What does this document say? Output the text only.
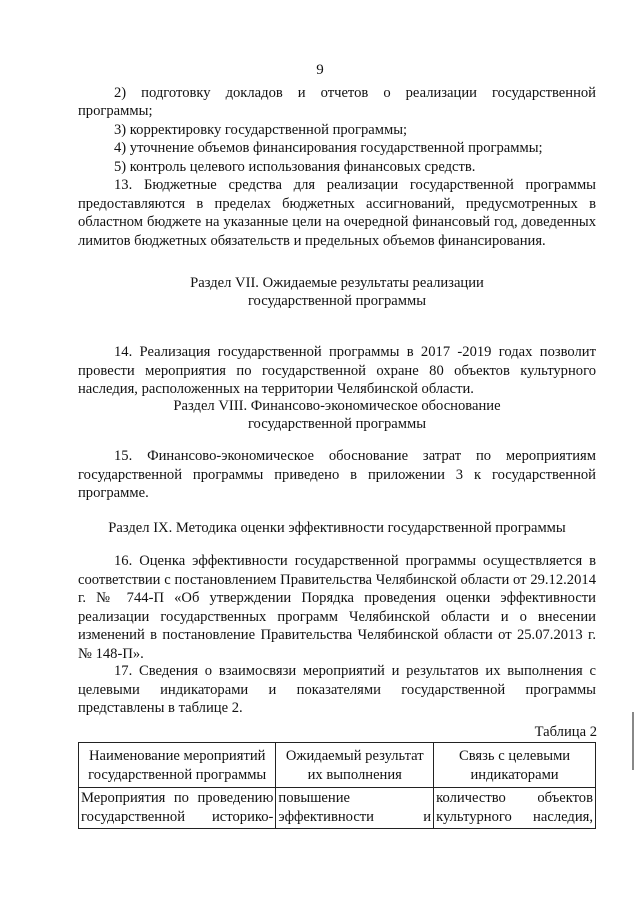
9

2) подготовку докладов и отчетов о реализации государственной

программы;

3) корректировку государственной программы;

4) уточнение объемов финансирования государственной программы;

5) контроль целевого использования финансовых средств.

13. Бюджетные средства для реализации государственной программы предоставляются в пределах бюджетных ассигнований, предусмотренных в областном бюджете на указанные цели на очередной финансовый год, доведенных лимитов бюджетных обязательств и предельных объемов финансирования.

Раздел VII. Ожидаемые результаты реализации

государственной программы

14. Реализация государственной программы в 2017 -2019 годах позволит провести мероприятия по государственной охране 80 объектов культурного наследия, расположенных на территории Челябинской области.

Раздел VIII. Финансово-экономическое обоснование

государственной программы

15. Финансово-экономическое обоснование затрат по мероприятиям государственной программы приведено в приложении 3 к государственной программе.

Раздел IX. Методика оценки эффективности государственной программы

16. Оценка эффективности государственной программы осуществляется в соответствии с постановлением Правительства Челябинской области от 29.12.2014 г. № 744-П «Об утверждении Порядка проведения оценки эффективности реализации государственных программ Челябинской области и о внесении изменений в постановление Правительства Челябинской области от 25.07.2013 г. № 148-П».

17. Сведения о взаимосвязи мероприятий и результатов их выполнения с целевыми индикаторами и показателями государственной программы представлены в таблице 2.

Таблица 2
Наименование мероприятий государственной программы	Ожидаемый результат их выполнения	Связь с целевыми индикаторами
Мероприятия по проведению государственной историко-	повышение эффективности и	количество объектов культурного наследия,
